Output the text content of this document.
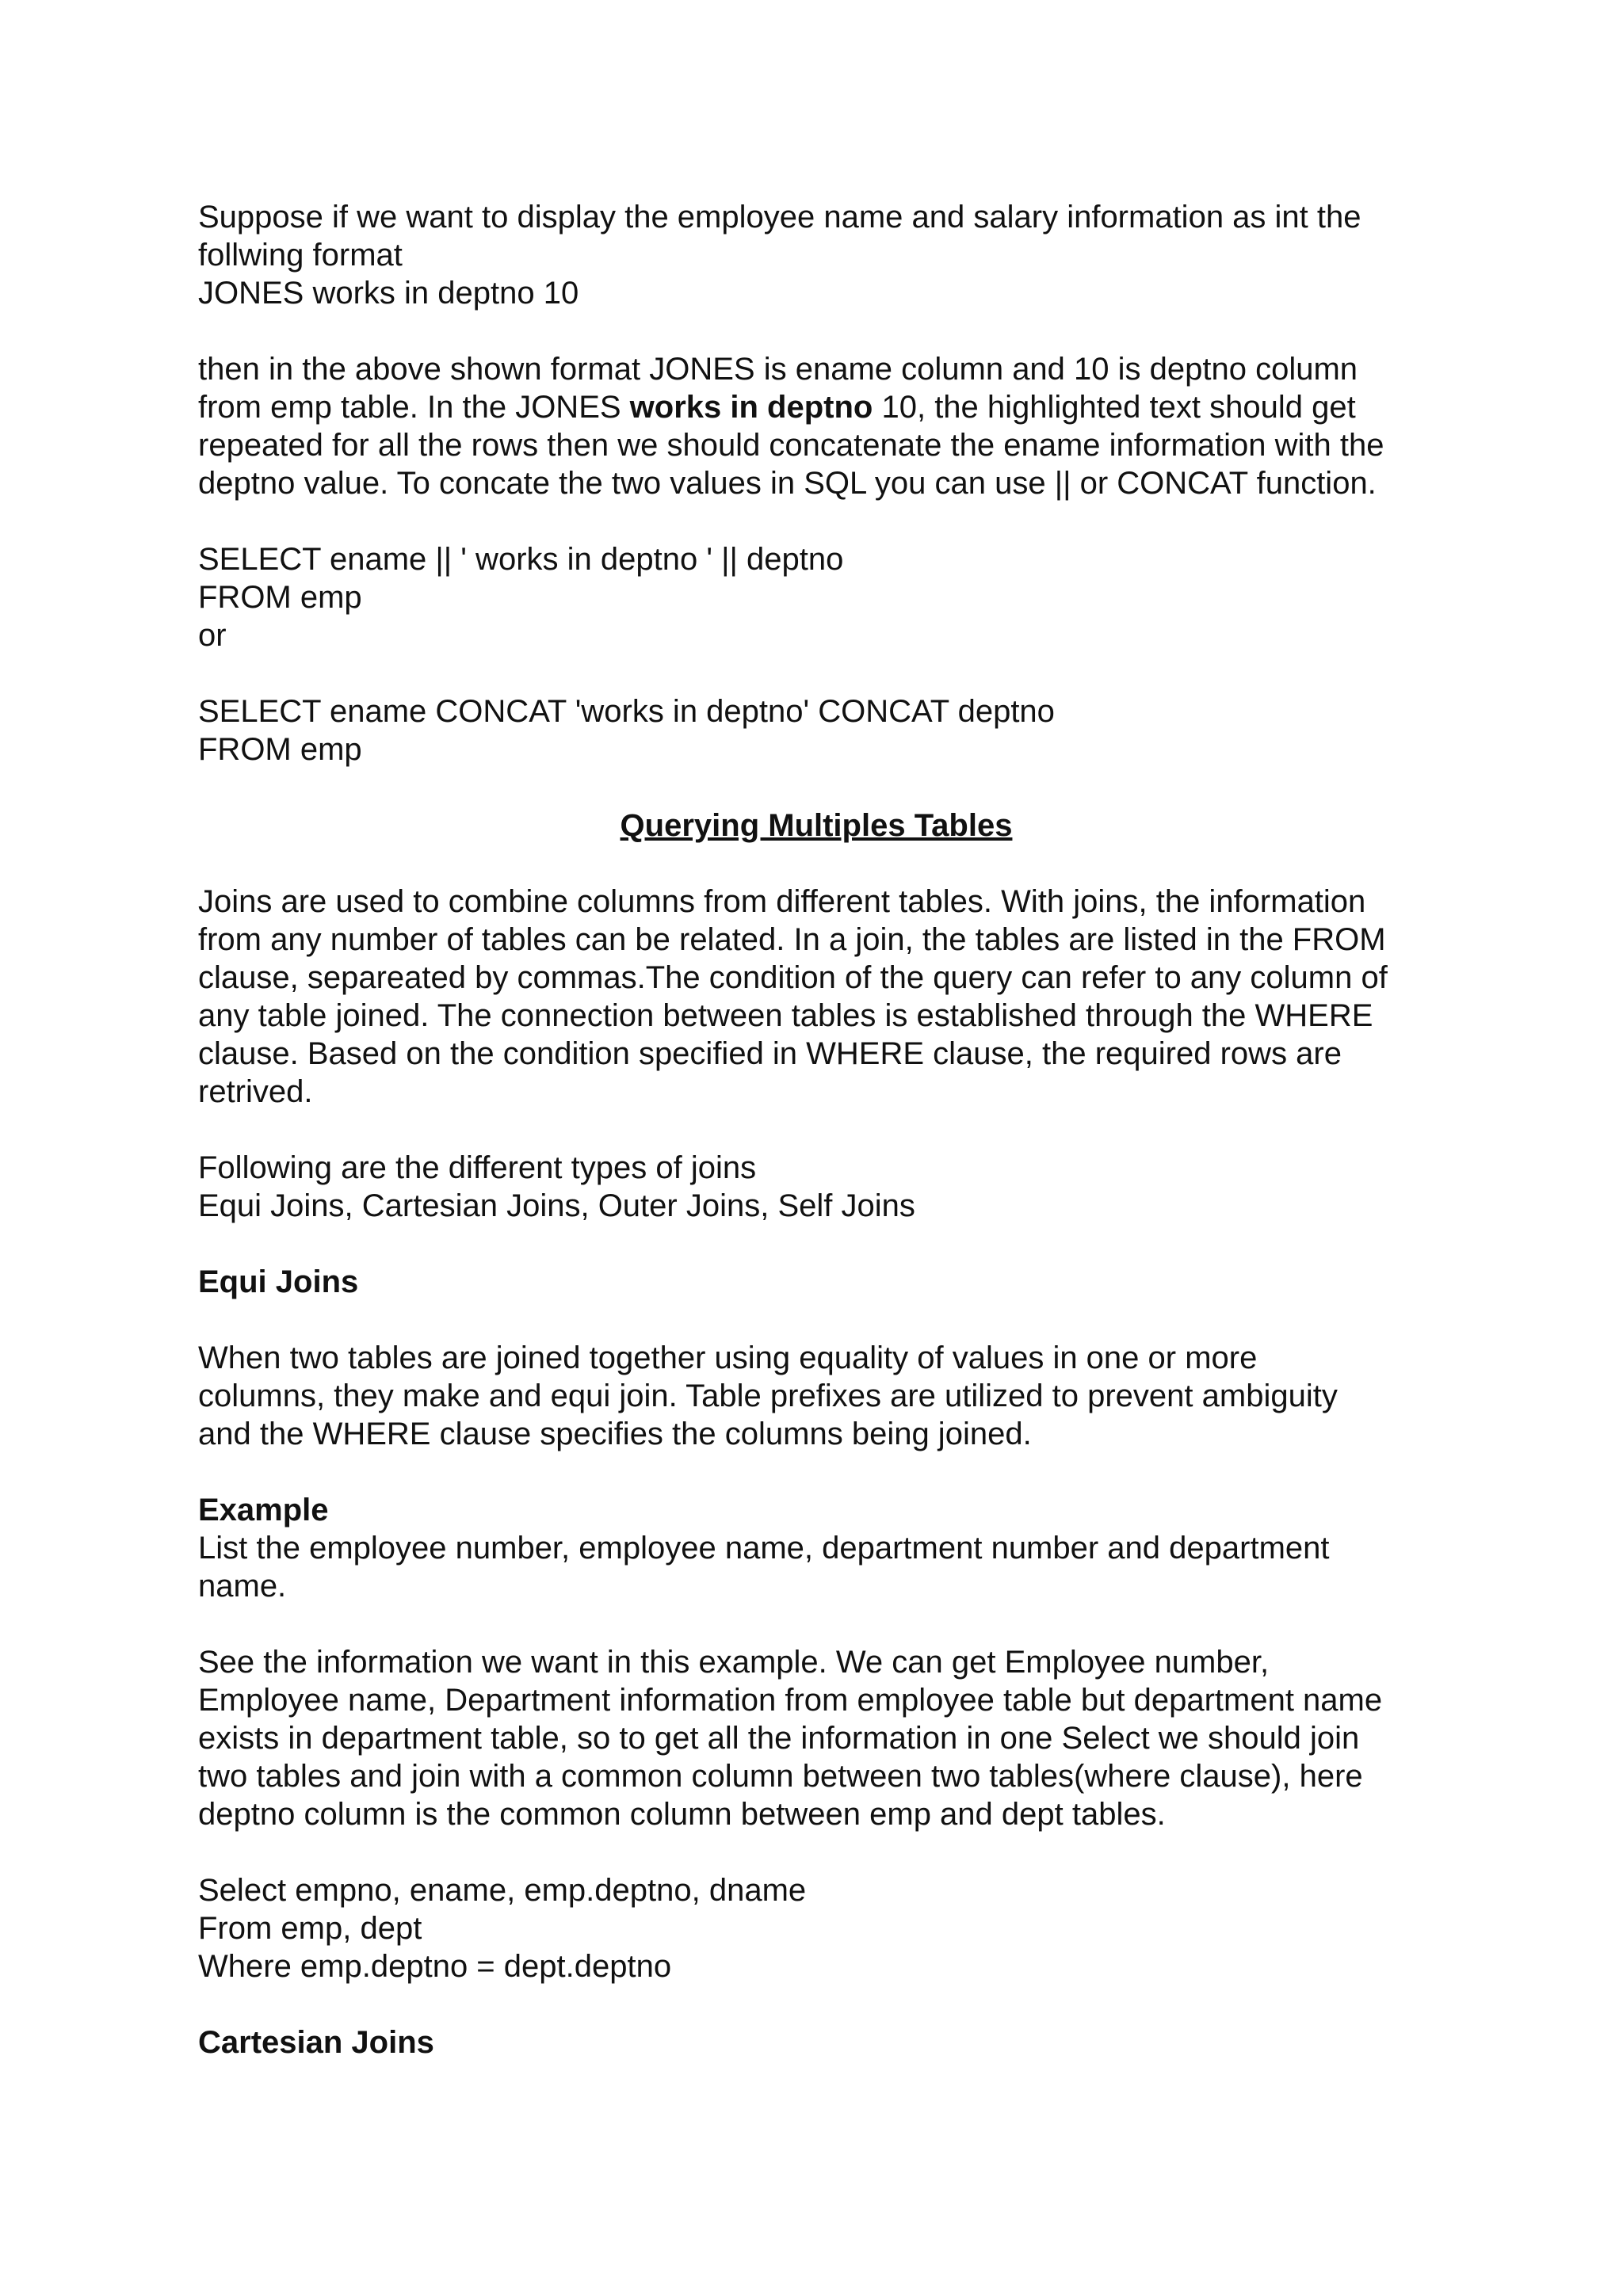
Suppose if we want to display the employee name and salary information as int the
follwing format
JONES works in deptno 10
then in the above shown format JONES is ename column and 10 is deptno column
from emp table. In the JONES works in deptno 10, the highlighted text should get
repeated for all the rows then we should concatenate the ename information with the
deptno value. To concate the two values in SQL you can use || or CONCAT function.
SELECT ename || ' works in deptno ' || deptno
FROM emp
or
SELECT ename CONCAT 'works in deptno' CONCAT deptno
FROM emp
Querying Multiples Tables
Joins are used to combine columns from different tables. With joins, the information
from any number of tables can be related. In a join, the tables are listed in the FROM
clause, separeated by commas.The condition of the query can refer to any column of
any table joined. The connection between tables is established through the WHERE
clause. Based on the condition specified in WHERE clause, the required rows are
retrived.
Following are the different types of joins
Equi Joins, Cartesian Joins, Outer Joins, Self Joins
Equi Joins
When two tables are joined together using equality of values in one or more
columns, they make and equi join. Table prefixes are utilized to prevent ambiguity
and the WHERE clause specifies the columns being joined.
Example
List the employee number, employee name, department number and department
name.
See the information we want in this example. We can get Employee number,
Employee name, Department information from employee table but department name
exists in department table, so to get all the information in one Select we should join
two tables and join with a common column between two tables(where clause), here
deptno column is the common column between emp and dept tables.
Select empno, ename, emp.deptno, dname
From emp, dept
Where emp.deptno = dept.deptno
Cartesian Joins
